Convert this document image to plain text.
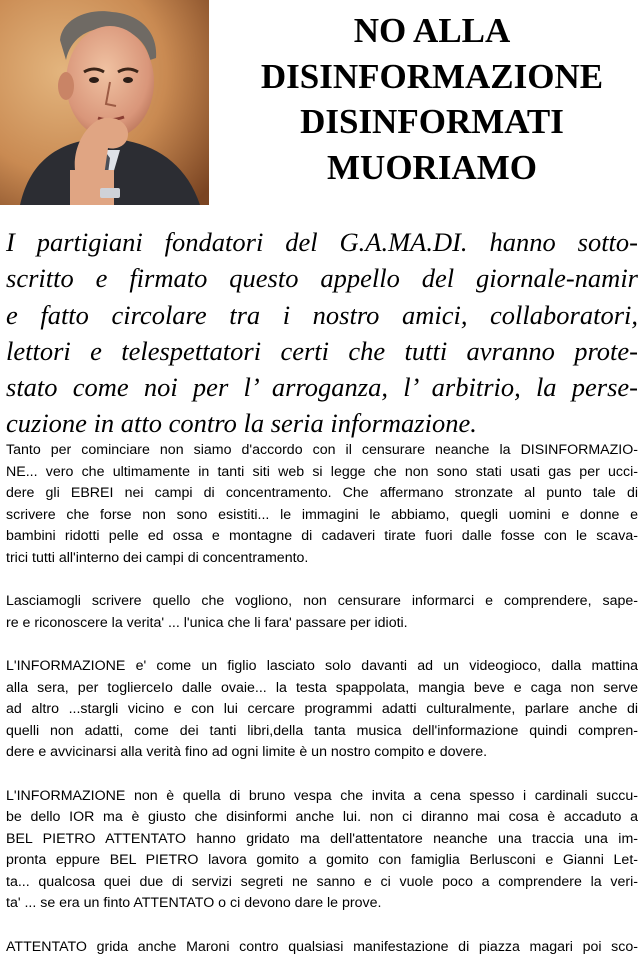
NO ALLA
DISINFORMAZIONE
DISINFORMATI
MUORIAMO
I partigiani fondatori del G.A.MA.DI. hanno sotto-
scritto e firmato questo appello del giornale-namir
e fatto circolare tra i nostro amici, collaboratori,
lettori e telespettatori certi che tutti avranno prote-
stato come noi per l’ arroganza, l’ arbitrio, la perse-
cuzione in atto contro la seria informazione.
Tanto per cominciare non siamo d'accordo con il censurare neanche la DISINFORMAZIO-
NE... vero che ultimamente in tanti siti web si legge che non sono stati usati gas per ucci-
dere gli EBREI nei campi di concentramento. Che affermano stronzate al punto tale di
scrivere che forse non sono esistiti... le immagini le abbiamo, quegli uomini e donne e
bambini ridotti pelle ed ossa e montagne di cadaveri tirate fuori dalle fosse con le scava-
trici tutti all'interno dei campi di concentramento.
Lasciamogli scrivere quello che vogliono, non censurare informarci e comprendere, sape-
re e riconoscere la verita' ... l'unica che li fara' passare per idioti.
L'INFORMAZIONE e' come un figlio lasciato solo davanti ad un videogioco, dalla mattina
alla sera, per toglierceIo dalle ovaie... la testa spappolata, mangia beve e caga non serve
ad altro ...stargli vicino e con lui cercare programmi adatti culturalmente, parlare anche di
quelli non adatti, come dei tanti libri,della tanta musica dell'informazione quindi compren-
dere e avvicinarsi alla verità fino ad ogni limite è un nostro compito e dovere.
L'INFORMAZIONE non è quella di bruno vespa che invita a cena spesso i cardinali succu-
be dello IOR ma è giusto che disinformi anche lui. non ci diranno mai cosa è accaduto a
BEL PIETRO ATTENTATO hanno gridato ma dell'attentatore neanche una traccia una im-
pronta eppure BEL PIETRO lavora gomito a gomito con famiglia Berlusconi e Gianni Let-
ta... qualcosa quei due di servizi segreti ne sanno e ci vuole poco a comprendere la veri-
ta' ... se era un finto ATTENTATO o ci devono dare le prove.
ATTENTATO grida anche Maroni contro qualsiasi manifestazione di piazza magari poi sco-
